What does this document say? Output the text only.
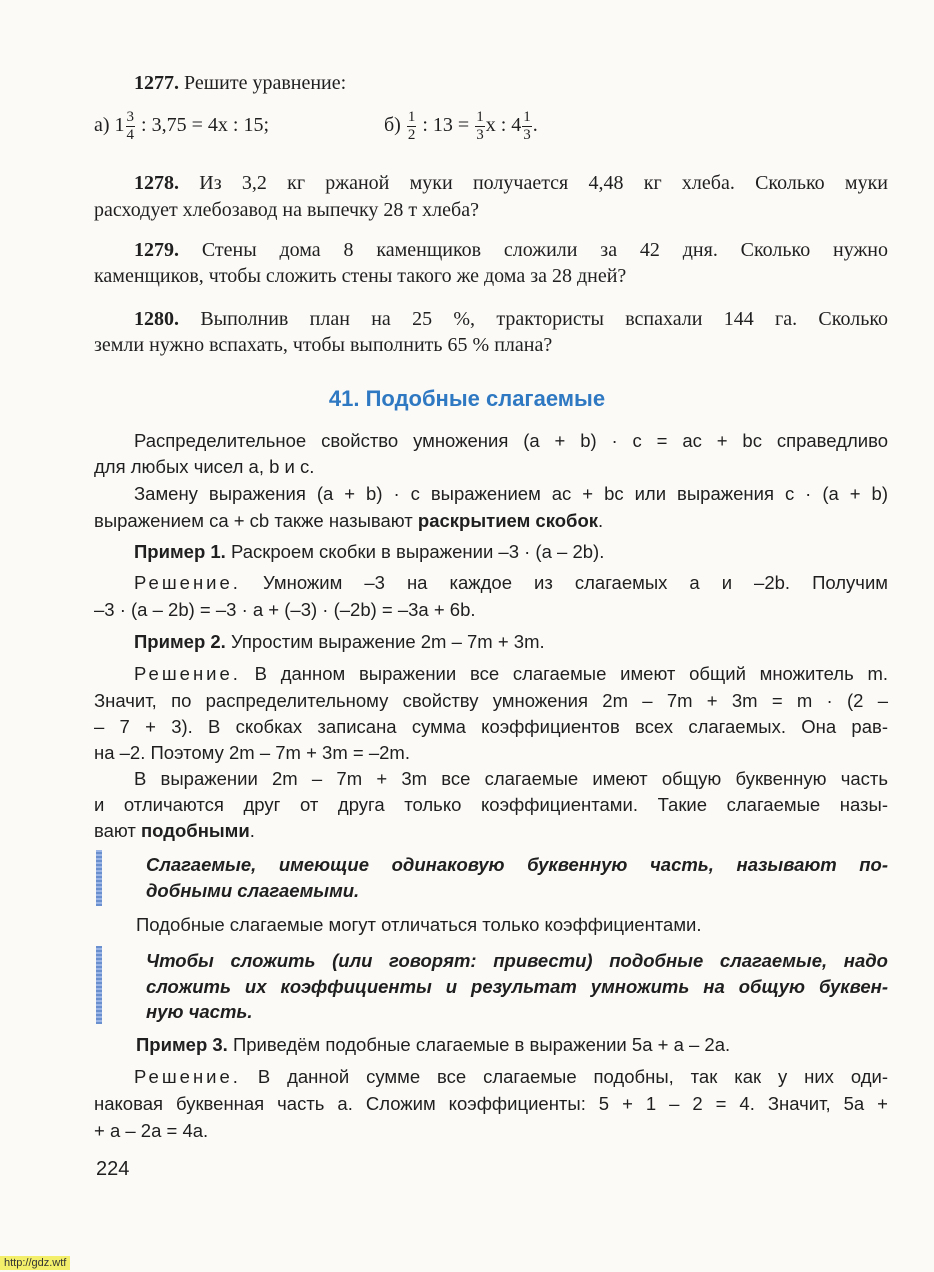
1277. Решите уравнение:
а) $1 \frac{3}{4}$ : 3,75 = 4x : 15;	$б) \frac{1}{2}$ : $13 = \frac{1}{3}$ x : $4 \frac{1}{3}$ .
1278. Из 3,2 кг ржаной муки получается 4,48 кг хлеба. Сколько муки
расходует хлебозавод на выпечку 28 т хлеба?
1279. Стены дома 8 каменщиков сложили за 42 дня. Сколько нужно
каменщиков, чтобы сложить стены такого же дома за 28 дней?
1280. Выполнив план на 25 %, трактористы вспахали 144 га. Сколько
земли нужно вспахать, чтобы выполнить 65 % плана?
41. Подобные слагаемые
Распределительное свойство умножения (a + b) · c = ac + bc справедливо
для любых чисел a, b и c.
Замену выражения (a + b) · c выражением ac + bc или выражения c · (a + b)
выражением ca + cb также называют раскрытием скобок.
Пример 1. Раскроем скобки в выражении –3 · (a – 2b).
Решение. Умножим –3 на каждое из слагаемых a и –2b. Получим
–3 · (a – 2b) = –3 · a + (–3) · (–2b) = –3a + 6b.
Пример 2. Упростим выражение 2m – 7m + 3m.
Решение. В данном выражении все слагаемые имеют общий множитель m.
Значит, по распределительному свойству умножения 2m – 7m + 3m = m · (2 –
– 7 + 3). В скобках записана сумма коэффициентов всех слагаемых. Она рав-
на –2. Поэтому 2m – 7m + 3m = –2m.
В выражении 2m – 7m + 3m все слагаемые имеют общую буквенную часть
и отличаются друг от друга только коэффициентами. Такие слагаемые назы-
вают подобными.
Слагаемые, имеющие одинаковую буквенную часть, называют по-
добными слагаемыми.
Подобные слагаемые могут отличаться только коэффициентами.
Чтобы сложить (или говорят: привести) подобные слагаемые, надо
сложить их коэффициенты и результат умножить на общую буквен-
ную часть.
Пример 3. Приведём подобные слагаемые в выражении 5a + a – 2a.
Решение. В данной сумме все слагаемые подобны, так как у них оди-
наковая буквенная часть a. Сложим коэффициенты: 5 + 1 – 2 = 4. Значит, 5a +
+ a – 2a = 4a.
224
http://gdz.wtf
